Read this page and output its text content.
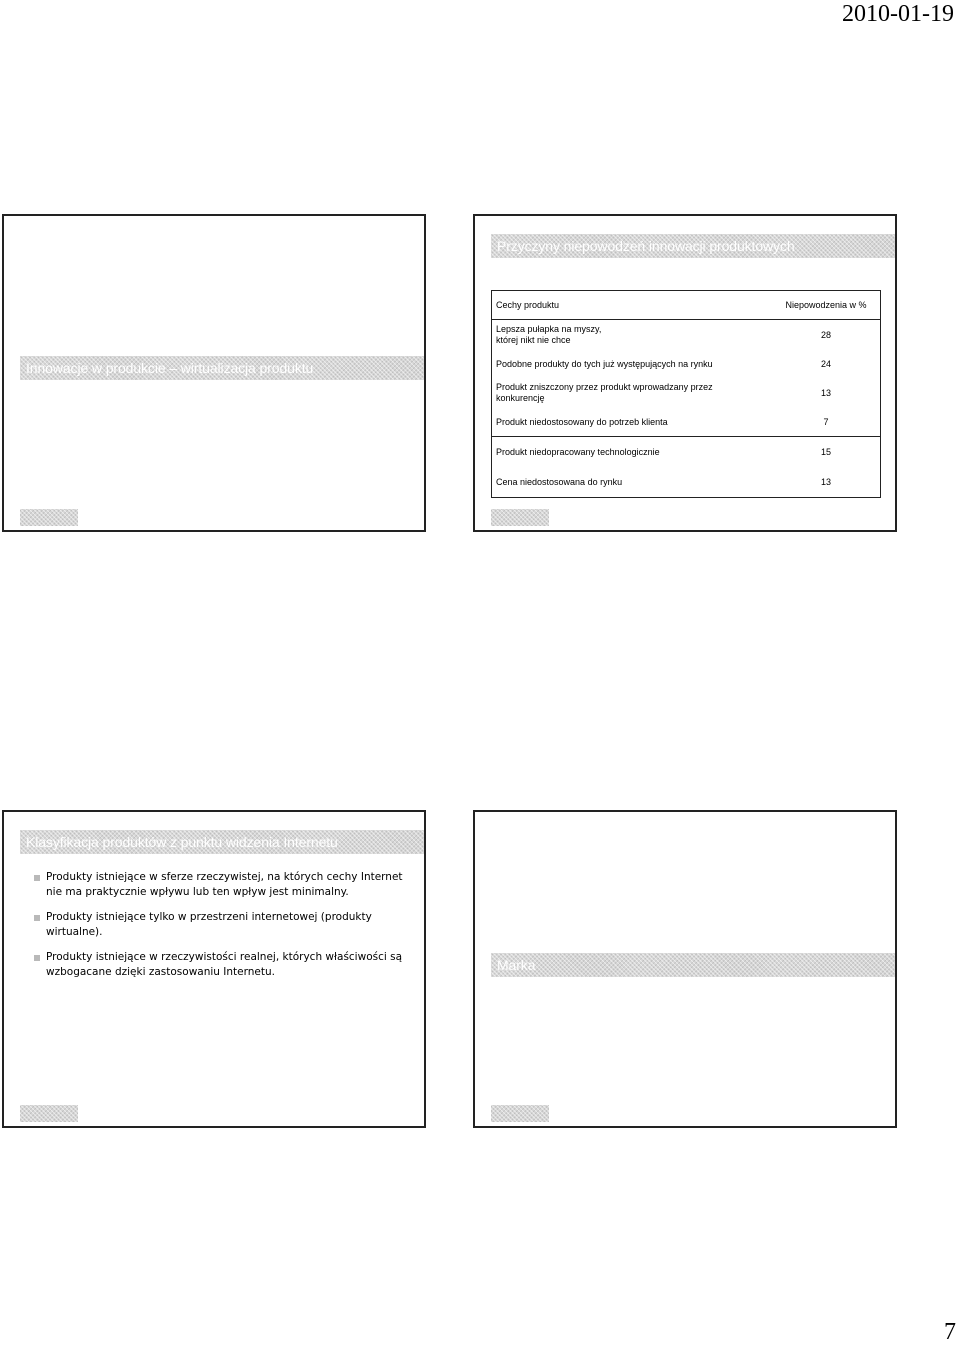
2010-01-19
Innowacje w produkcie – wirtualizacja produktu
Przyczyny niepowodzeń innowacji produktowych
Cechy produktu	Niepowodzenia w %
Lepsza pułapka na myszy, której nikt nie chce	28
Podobne produkty do tych już występujących na rynku	24
Produkt zniszczony przez produkt wprowadzany przez konkurencję	13
Produkt niedostosowany do potrzeb klienta	7
Produkt niedopracowany technologicznie	15
Cena niedostosowana do rynku	13
Klasyfikacja produktów z punktu widzenia Internetu
Produkty istniejące w sferze rzeczywistej, na których cechy Internet nie ma praktycznie wpływu lub ten wpływ jest minimalny.
Produkty istniejące tylko w przestrzeni internetowej (produkty wirtualne).
Produkty istniejące w rzeczywistości realnej, których właściwości są wzbogacane dzięki zastosowaniu Internetu.	Marka
7
